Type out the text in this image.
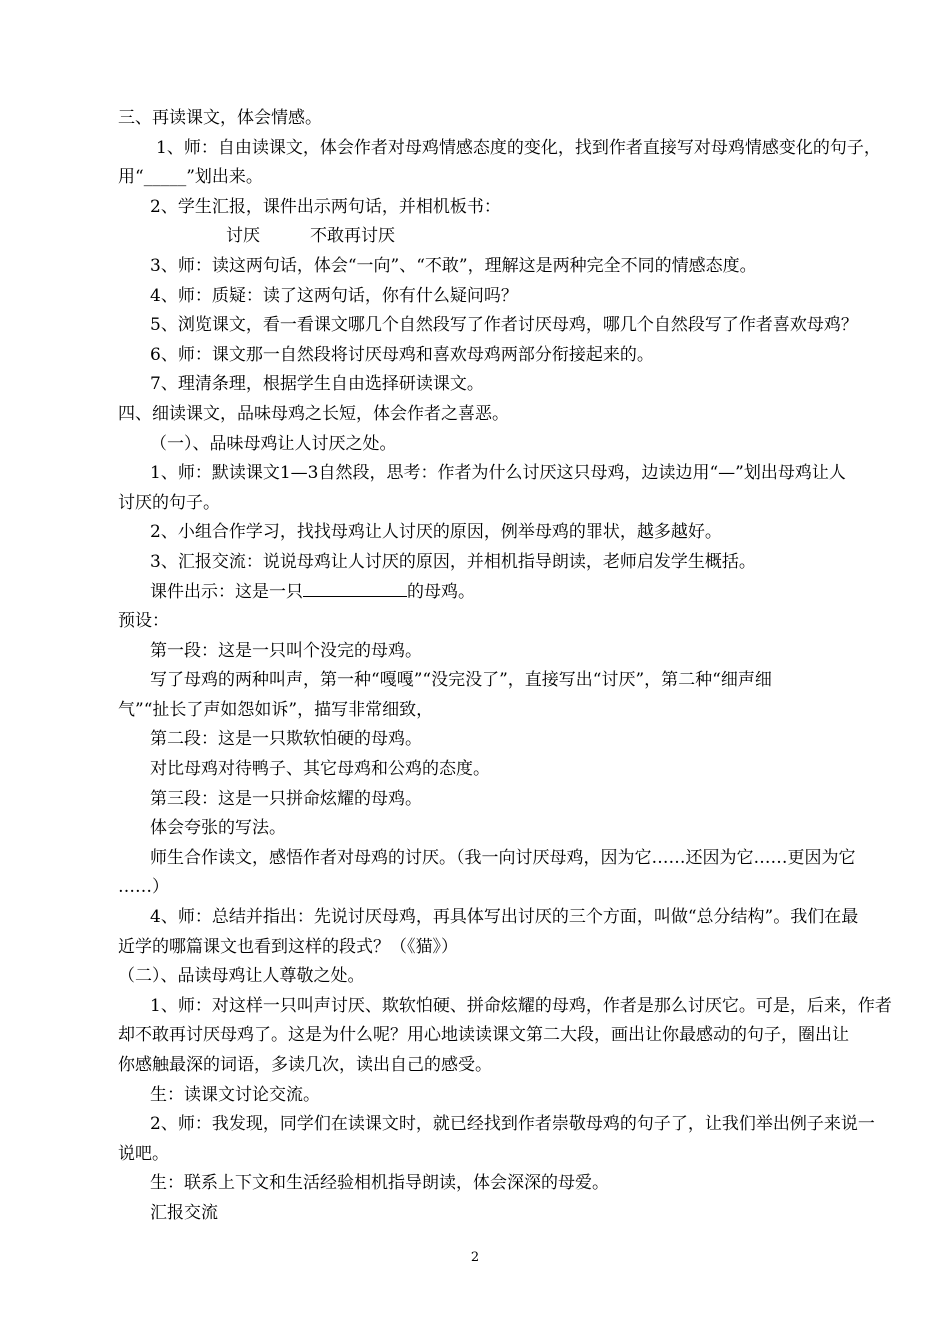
三、再读课文，体会情感。
1、师：自由读课文，体会作者对母鸡情感态度的变化，找到作者直接写对母鸡情感变化的句子，
用“_____”划出来。
2、学生汇报，课件出示两句话，并相机板书：
讨厌	不敢再讨厌
3、师：读这两句话，体会“一向”、“不敢”，理解这是两种完全不同的情感态度。
4、师：质疑：读了这两句话，你有什么疑问吗？
5、浏览课文，看一看课文哪几个自然段写了作者讨厌母鸡，哪几个自然段写了作者喜欢母鸡？
6、师：课文那一自然段将讨厌母鸡和喜欢母鸡两部分衔接起来的。
7、理清条理，根据学生自由选择研读课文。
四、细读课文，品味母鸡之长短，体会作者之喜恶。
（一）、品味母鸡让人讨厌之处。
1、师：默读课文1—3自然段，思考：作者为什么讨厌这只母鸡，边读边用“—”划出母鸡让人
讨厌的句子。
2、小组合作学习，找找母鸡让人讨厌的原因，例举母鸡的罪状，越多越好。
3、汇报交流：说说母鸡让人讨厌的原因，并相机指导朗读，老师启发学生概括。
课件出示：这是一只	的母鸡。
预设：
第一段：这是一只叫个没完的母鸡。
写了母鸡的两种叫声，第一种“嘎嘎”“没完没了”，直接写出“讨厌”，第二种“细声细
气”“扯长了声如怨如诉”，描写非常细致，
第二段：这是一只欺软怕硬的母鸡。
对比母鸡对待鸭子、其它母鸡和公鸡的态度。
第三段：这是一只拼命炫耀的母鸡。
体会夸张的写法。
师生合作读文，感悟作者对母鸡的讨厌。（我一向讨厌母鸡，因为它……还因为它……更因为它
……）
4、师：总结并指出：先说讨厌母鸡，再具体写出讨厌的三个方面，叫做“总分结构”。我们在最
近学的哪篇课文也看到这样的段式？（《猫》）
（二）、品读母鸡让人尊敬之处。
1、师：对这样一只叫声讨厌、欺软怕硬、拼命炫耀的母鸡，作者是那么讨厌它。可是，后来，作者
却不敢再讨厌母鸡了。这是为什么呢？用心地读读课文第二大段，画出让你最感动的句子，圈出让
你感触最深的词语，多读几次，读出自己的感受。
生：读课文讨论交流。
2、师：我发现，同学们在读课文时，就已经找到作者崇敬母鸡的句子了，让我们举出例子来说一
说吧。
生：联系上下文和生活经验相机指导朗读，体会深深的母爱。
汇报交流
2
